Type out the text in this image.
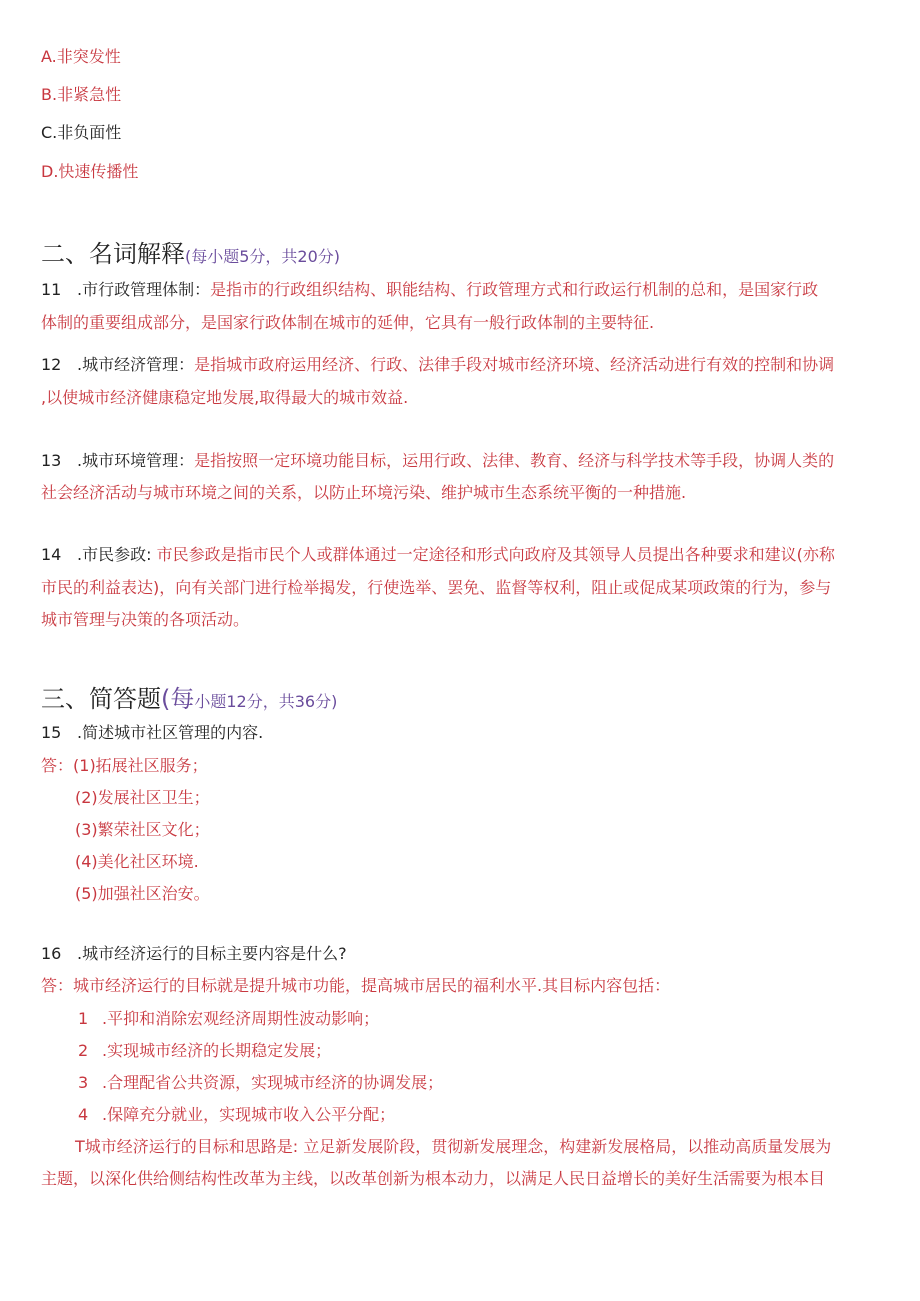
A.非突发性
B.非紧急性
C.非负面性
D.快速传播性
二、名词解释(每小题5分，共20分)
11 .市行政管理体制：是指市的行政组织结构、职能结构、行政管理方式和行政运行机制的总和，是国家行政
体制的重要组成部分，是国家行政体制在城市的延伸，它具有一般行政体制的主要特征.
12 .城市经济管理：是指城市政府运用经济、行政、法律手段对城市经济环境、经济活动进行有效的控制和协调
,以使城市经济健康稳定地发展,取得最大的城市效益.
13 .城市环境管理：是指按照一定环境功能目标，运用行政、法律、教育、经济与科学技术等手段，协调人类的
社会经济活动与城市环境之间的关系，以防止环境污染、维护城市生态系统平衡的一种措施.
14 .市民参政: 市民参政是指市民个人或群体通过一定途径和形式向政府及其领导人员提出各种要求和建议(亦称
市民的利益表达)，向有关部门进行检举揭发，行使选举、罢免、监督等权利，阻止或促成某项政策的行为，参与
城市管理与决策的各项活动。
三、简答题(每小题12分，共36分)
15 .简述城市社区管理的内容.
答：(1)拓展社区服务；
(2)发展社区卫生；
(3)繁荣社区文化；
(4)美化社区环境.
(5)加强社区治安。
16 .城市经济运行的目标主要内容是什么?
答：城市经济运行的目标就是提升城市功能，提高城市居民的福利水平.其目标内容包括：
1 .平抑和消除宏观经济周期性波动影响；
2 .实现城市经济的长期稳定发展；
3 .合理配省公共资源，实现城市经济的协调发展；
4 .保障充分就业，实现城市收入公平分配；
T城市经济运行的目标和思路是: 立足新发展阶段，贯彻新发展理念，构建新发展格局，以推动高质量发展为
主题，以深化供给侧结构性改革为主线，以改革创新为根本动力，以满足人民日益增长的美好生活需要为根本目
